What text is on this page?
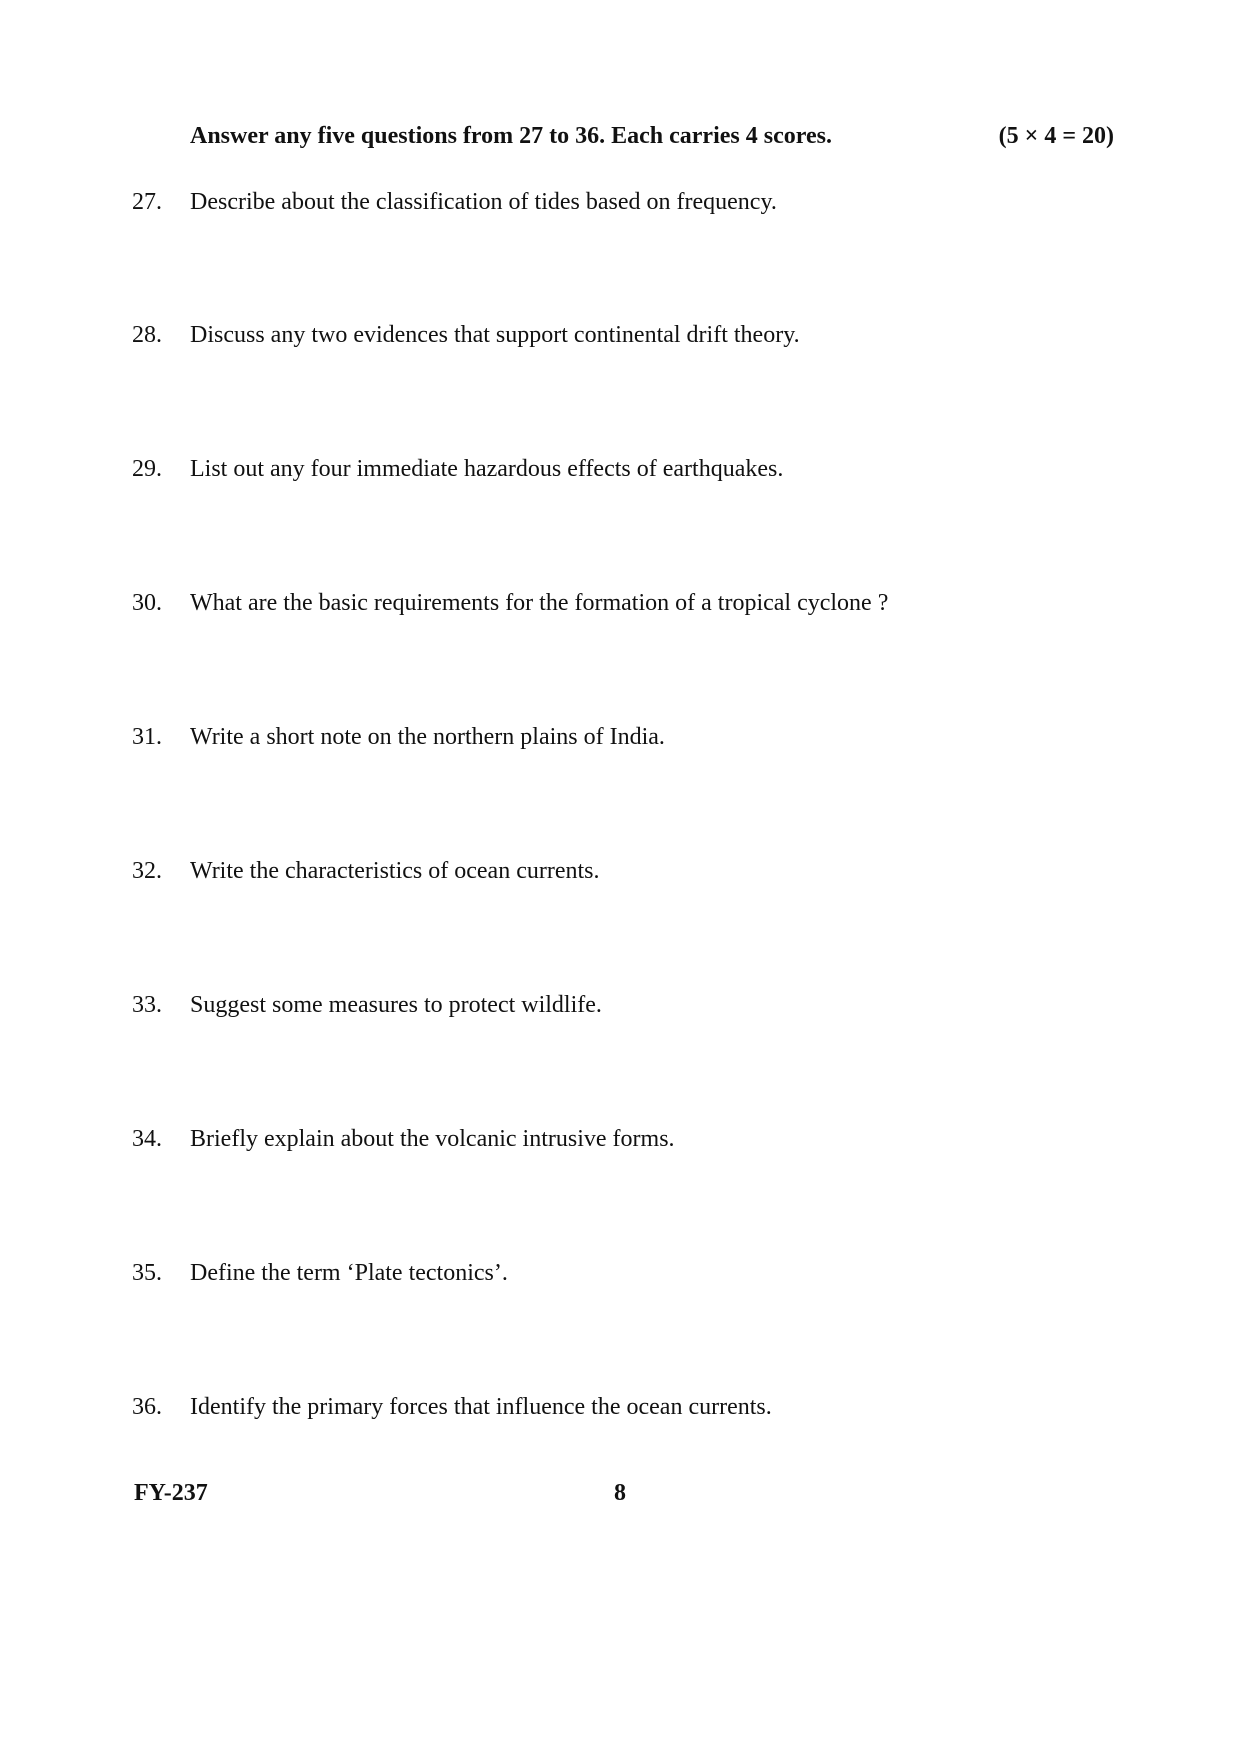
Answer any five questions from 27 to 36. Each carries 4 scores.	(5 × 4 = 20)
27.	Describe about the classification of tides based on frequency.
28.	Discuss any two evidences that support continental drift theory.
29.	List out any four immediate hazardous effects of earthquakes.
30.	What are the basic requirements for the formation of a tropical cyclone ?
31.	Write a short note on the northern plains of India.
32.	Write the characteristics of ocean currents.
33.	Suggest some measures to protect wildlife.
34.	Briefly explain about the volcanic intrusive forms.
35.	Define the term ‘Plate tectonics’.
36.	Identify the primary forces that influence the ocean currents.
FY-237	8
